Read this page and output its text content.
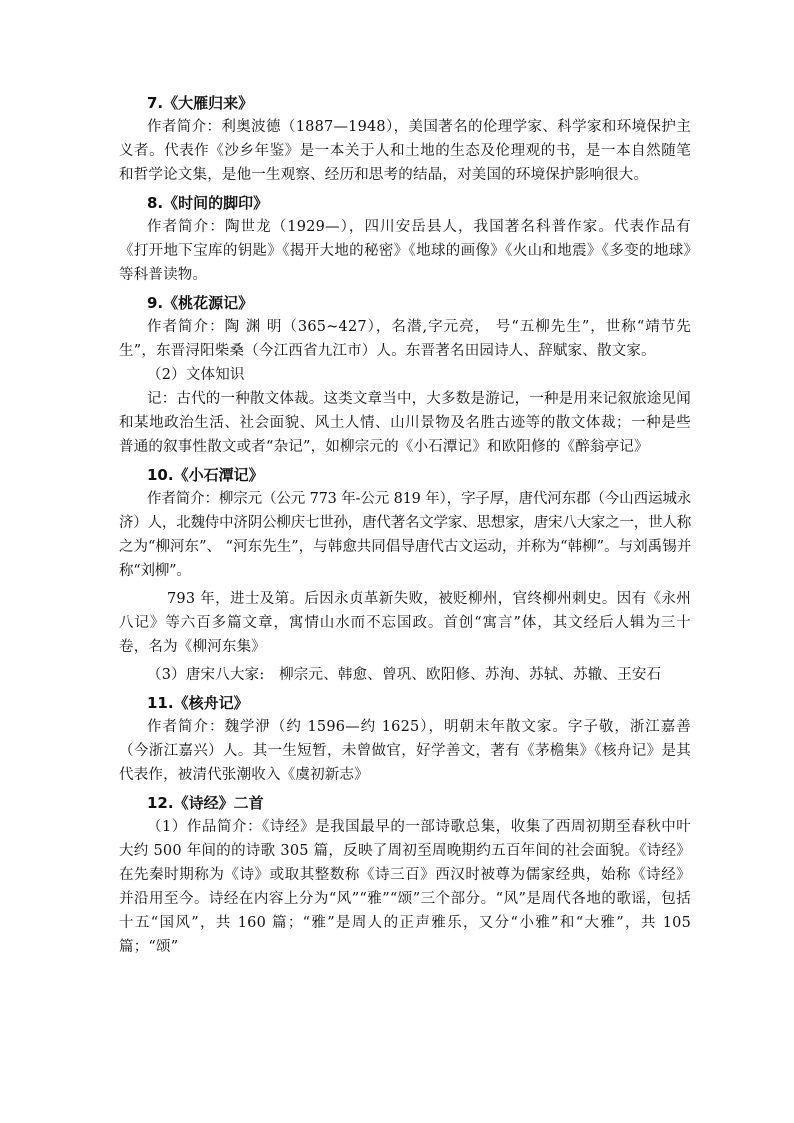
7.《大雁归来》

作者简介：利奥波德（1887—1948），美国著名的伦理学家、科学家和环境保护主义者。代表作《沙乡年鉴》是一本关于人和土地的生态及伦理观的书，是一本自然随笔和哲学论文集，是他一生观察、经历和思考的结晶，对美国的环境保护影响很大。

8.《时间的脚印》

作者简介：陶世龙（1929—），四川安岳县人，我国著名科普作家。代表作品有《打开地下宝库的钥匙》《揭开大地的秘密》《地球的画像》《火山和地震》《多变的地球》等科普读物。

9.《桃花源记》

作者简介：陶 渊 明（365~427），名潜,字元亮， 号“五柳先生”，世称“靖节先生”，东晋浔阳柴桑（今江西省九江市）人。东晋著名田园诗人、辞赋家、散文家。

（2）文体知识

记：古代的一种散文体裁。这类文章当中，大多数是游记，一种是用来记叙旅途见闻和某地政治生活、社会面貌、风土人情、山川景物及名胜古迹等的散文体裁；一种是些普通的叙事性散文或者“杂记”，如柳宗元的《小石潭记》和欧阳修的《醉翁亭记》

10.《小石潭记》

作者简介：柳宗元（公元 773 年-公元 819 年），字子厚，唐代河东郡（今山西运城永济）人，北魏侍中济阴公柳庆七世孙，唐代著名文学家、思想家，唐宋八大家之一，世人称之为“柳河东”、 “河东先生”，与韩愈共同倡导唐代古文运动，并称为“韩柳”。与刘禹锡并称“刘柳”。

793 年，进士及第。后因永贞革新失败，被贬柳州，官终柳州刺史。因有《永州八记》等六百多篇文章，寓情山水而不忘国政。首创“寓言”体，其文经后人辑为三十卷，名为《柳河东集》

（3）唐宋八大家:　柳宗元、韩愈、曾巩、欧阳修、苏洵、苏轼、苏辙、王安石

11.《核舟记》

作者简介：魏学洢（约 1596—约 1625），明朝末年散文家。字子敬，浙江嘉善（今浙江嘉兴）人。其一生短暂，未曾做官，好学善文，著有《茅檐集》《核舟记》是其代表作，被清代张潮收入《虞初新志》

12.《诗经》二首

（1）作品简介：《诗经》是我国最早的一部诗歌总集，收集了西周初期至春秋中叶大约 500 年间的的诗歌 305 篇，反映了周初至周晚期约五百年间的社会面貌。《诗经》在先秦时期称为《诗》或取其整数称《诗三百》西汉时被尊为儒家经典，始称《诗经》并沿用至今。诗经在内容上分为“风”“雅”“颂”三个部分。“风”是周代各地的歌谣，包括十五“国风”，共 160 篇；“雅”是周人的正声雅乐，又分“小雅”和“大雅”，共 105 篇；“颂”
